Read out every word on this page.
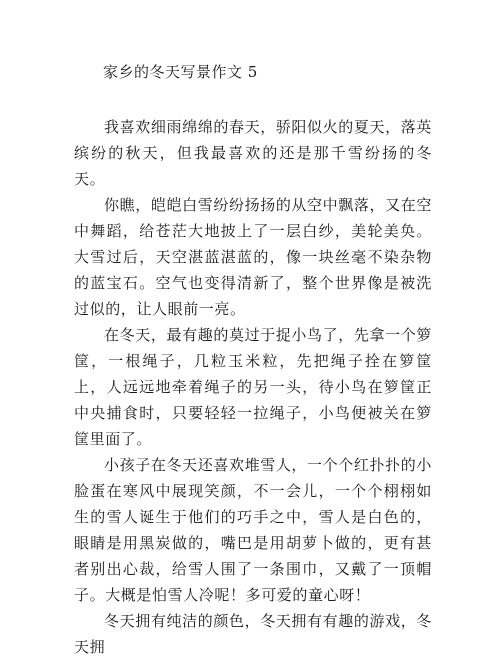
家乡的冬天写景作文 5

我喜欢细雨绵绵的春天，骄阳似火的夏天，落英缤纷的秋天，但我最喜欢的还是那千雪纷扬的冬天。

你瞧，皑皑白雪纷纷扬扬的从空中飘落，又在空中舞蹈，给苍茫大地披上了一层白纱，美轮美奂。大雪过后，天空湛蓝湛蓝的，像一块丝毫不染杂物的蓝宝石。空气也变得清新了，整个世界像是被洗过似的，让人眼前一亮。

在冬天，最有趣的莫过于捉小鸟了，先拿一个箩筐，一根绳子，几粒玉米粒，先把绳子拴在箩筐上，人远远地牵着绳子的另一头，待小鸟在箩筐正中央捕食时，只要轻轻一拉绳子，小鸟便被关在箩筐里面了。

小孩子在冬天还喜欢堆雪人，一个个红扑扑的小脸蛋在寒风中展现笑颜，不一会儿，一个个栩栩如生的雪人诞生于他们的巧手之中，雪人是白色的，眼睛是用黑炭做的，嘴巴是用胡萝卜做的，更有甚者别出心裁，给雪人围了一条围巾，又戴了一顶帽子。大概是怕雪人冷呢！多可爱的童心呀！

冬天拥有纯洁的颜色，冬天拥有有趣的游戏，冬天拥
